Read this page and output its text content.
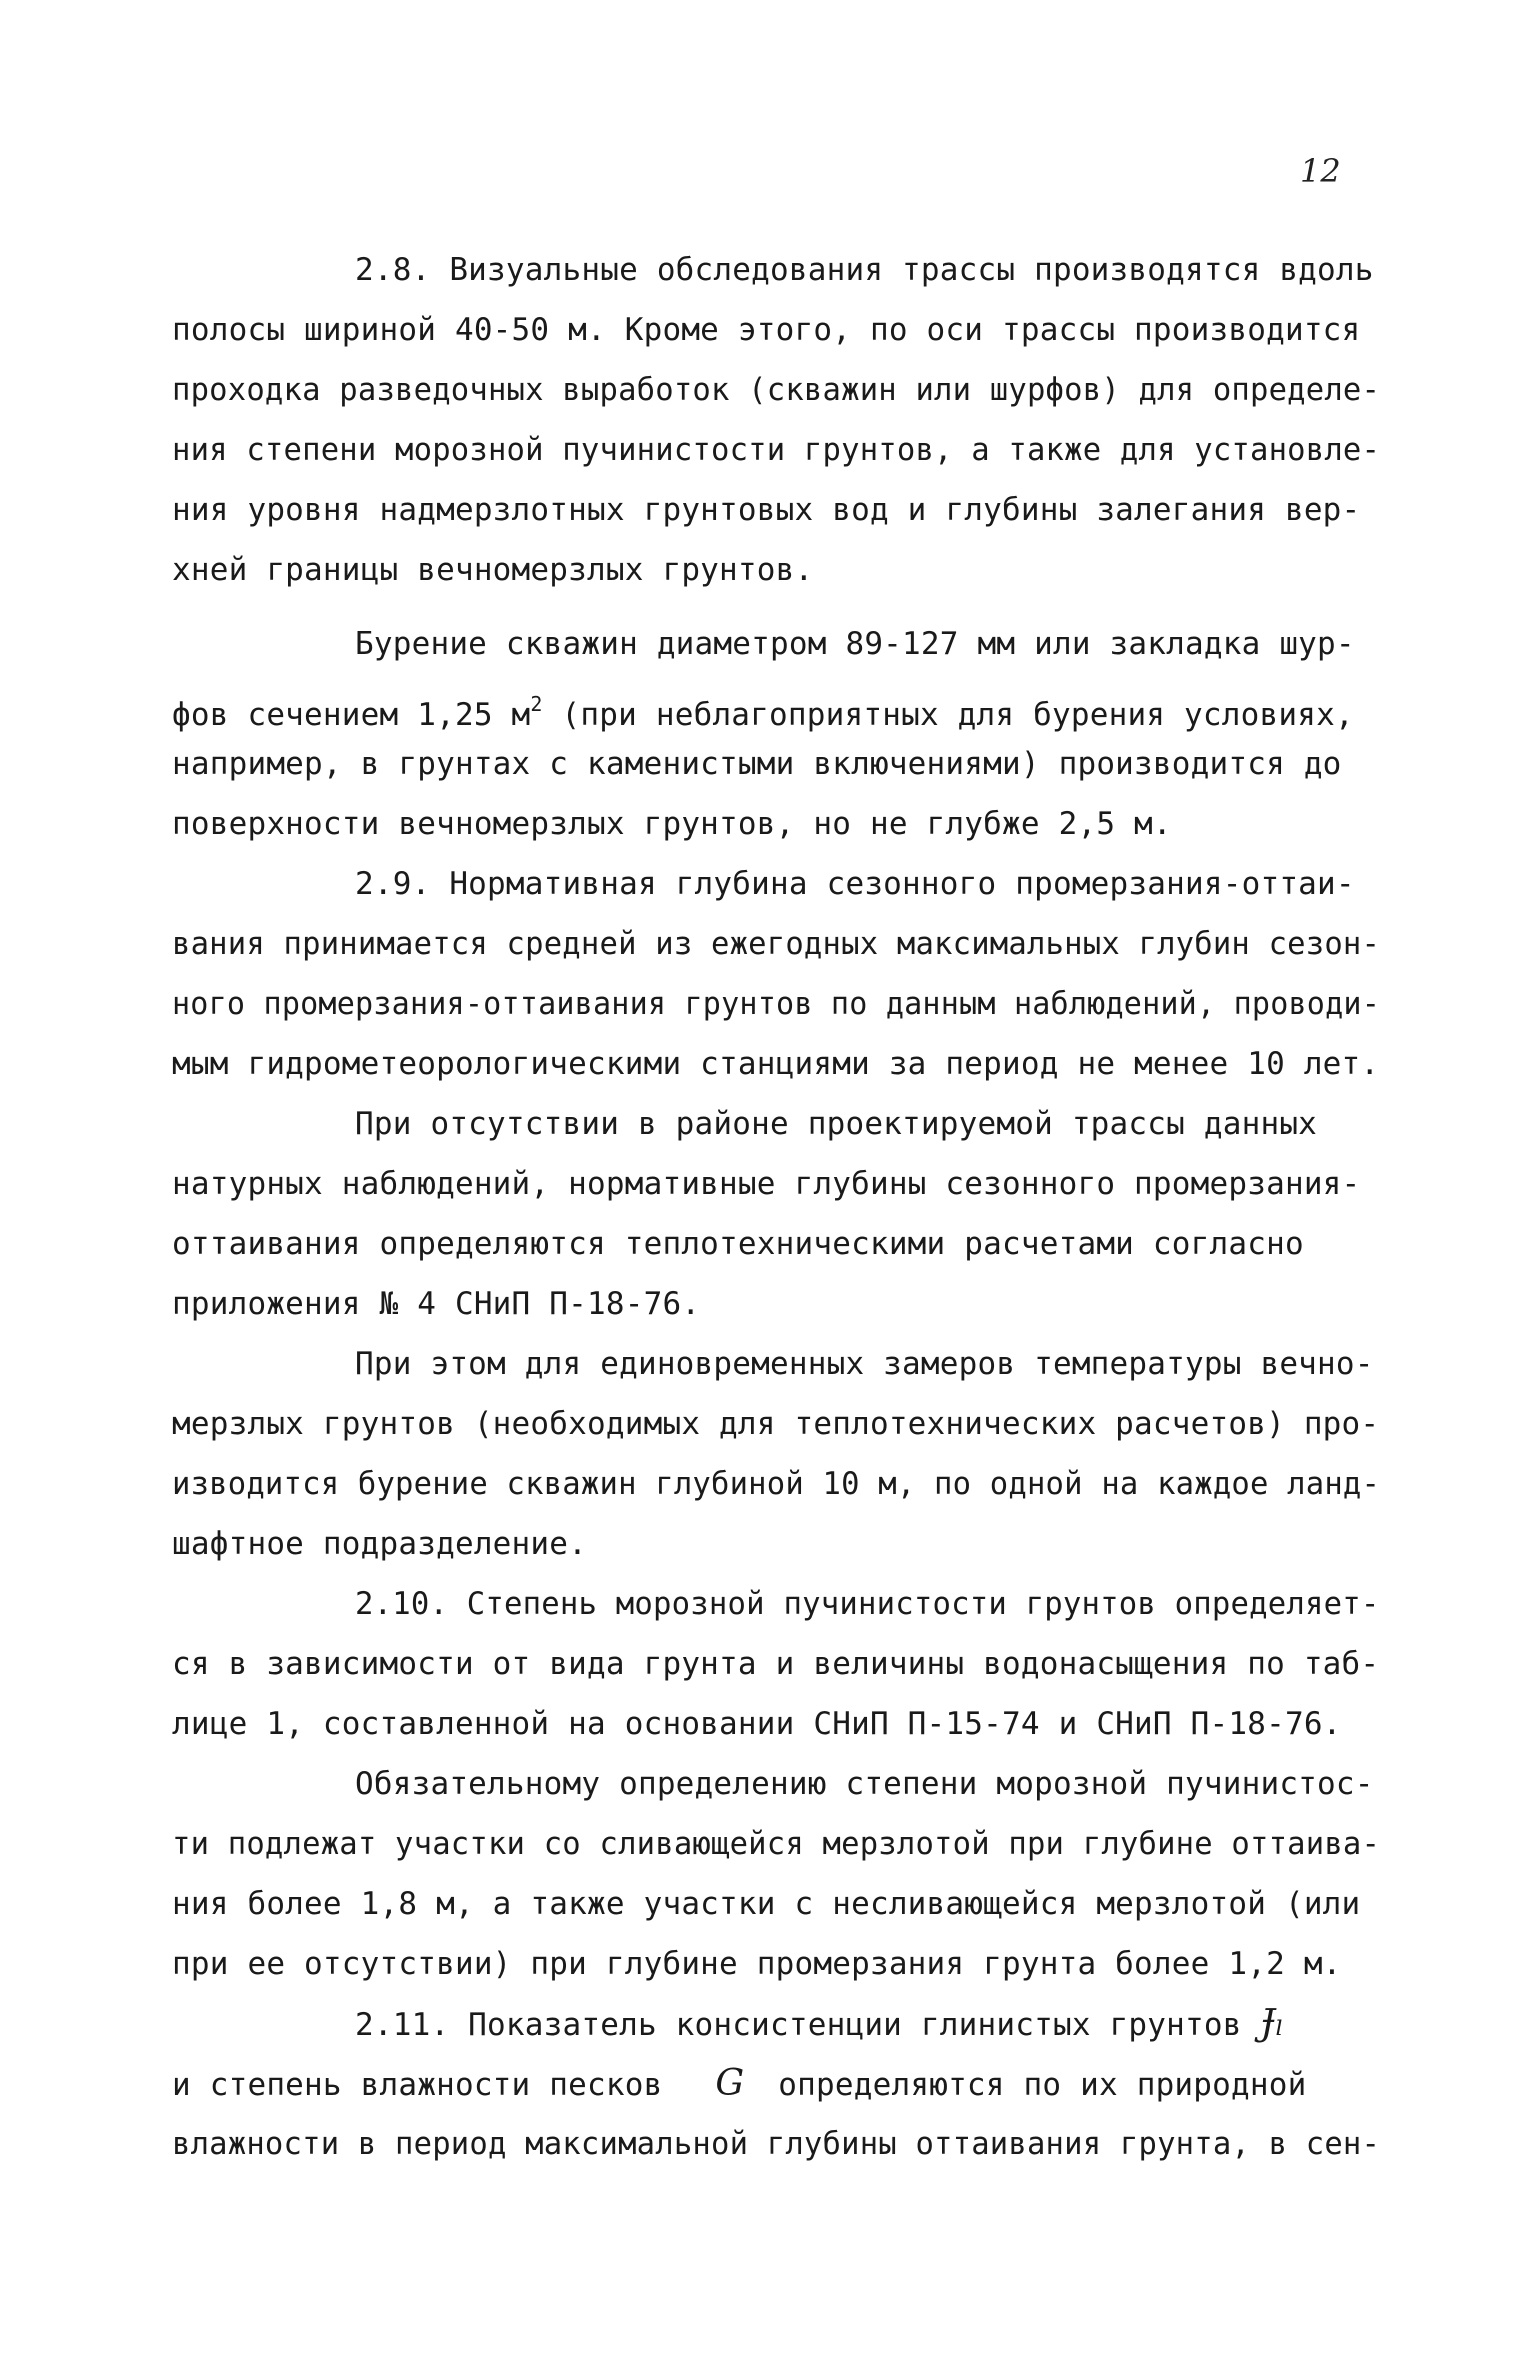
12
2.8. Визуальные обследования трассы производятся вдоль
полосы шириной 40-50 м. Кроме этого, по оси трассы производится
проходка разведочных выработок (скважин или шурфов) для определе-
ния степени морозной пучинистости грунтов, а также для установле-
ния уровня надмерзлотных грунтовых вод и глубины залегания вер-
хней границы вечномерзлых грунтов.
Бурение скважин диаметром 89-127 мм или закладка шур-
фов сечением 1,25 $м^2$ (при неблагоприятных для бурения условиях,
например, в грунтах с каменистыми включениями) производится до
поверхности вечномерзлых грунтов, но не глубже 2,5 м.
2.9. Нормативная глубина сезонного промерзания-оттаи-
вания принимается средней из ежегодных максимальных глубин сезон-
ного промерзания-оттаивания грунтов по данным наблюдений, проводи-
мым гидрометеорологическими станциями за период не менее 10 лет.
При отсутствии в районе проектируемой трассы данных
натурных наблюдений, нормативные глубины сезонного промерзания-
оттаивания определяются теплотехническими расчетами согласно
приложения № 4 СНиП П-18-76.
При этом для единовременных замеров температуры вечно-
мерзлых грунтов (необходимых для теплотехнических расчетов) про-
изводится бурение скважин глубиной 10 м, по одной на каждое ланд-
шафтное подразделение.
2.10. Степень морозной пучинистости грунтов определяет-
ся в зависимости от вида грунта и величины водонасыщения по таб-
лице 1, составленной на основании СНиП П-15-74 и СНиП П-18-76.
Обязательному определению степени морозной пучинистос-
ти подлежат участки со сливающейся мерзлотой при глубине оттаива-
ния более 1,8 м, а также участки с несливающейся мерзлотой (или
при ее отсутствии) при глубине промерзания грунта более 1,2 м.
2.11. Показатель консистенции глинистых грунтов Ɉₗ
и степень влажности песков G определяются по их природной
влажности в период максимальной глубины оттаивания грунта, в сен-
